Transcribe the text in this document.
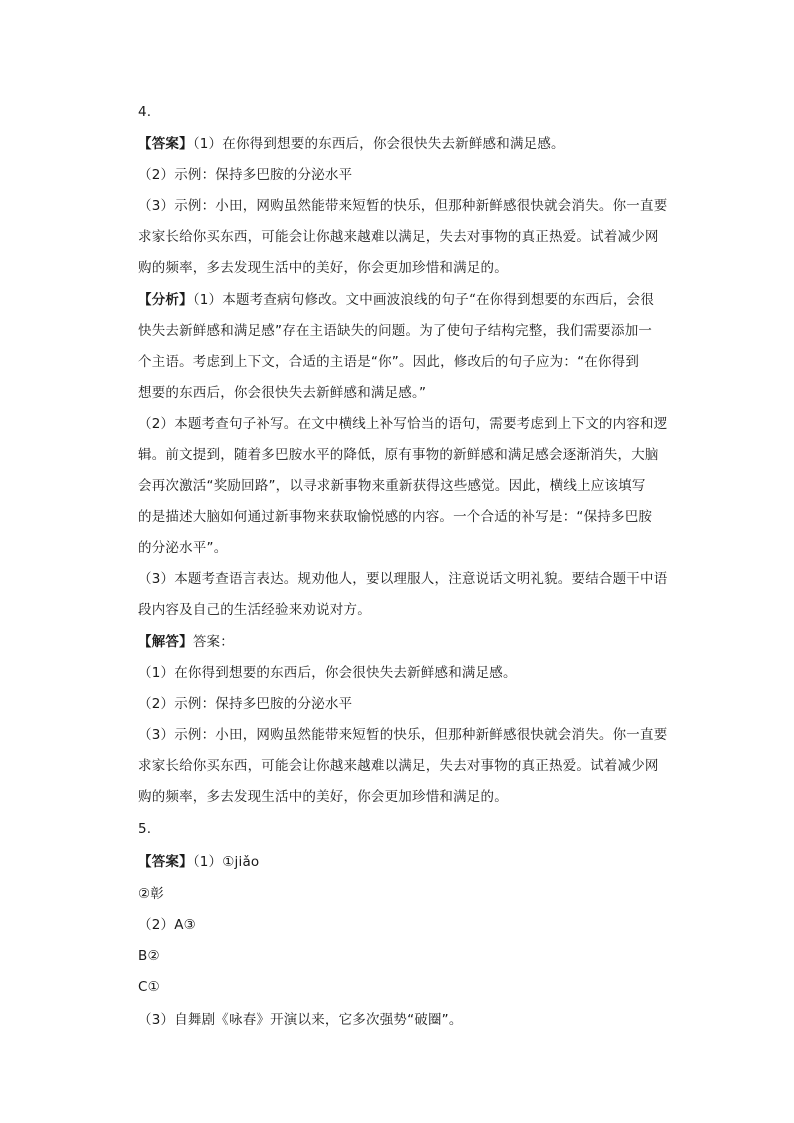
4.
【答案】（1）在你得到想要的东西后，你会很快失去新鲜感和满足感。
（2）示例：保持多巴胺的分泌水平
（3）示例：小田，网购虽然能带来短暂的快乐，但那种新鲜感很快就会消失。你一直要
求家长给你买东西，可能会让你越来越难以满足，失去对事物的真正热爱。试着减少网
购的频率，多去发现生活中的美好，你会更加珍惜和满足的。
【分析】（1）本题考查病句修改。文中画波浪线的句子“在你得到想要的东西后，会很
快失去新鲜感和满足感”存在主语缺失的问题。为了使句子结构完整，我们需要添加一
个主语。考虑到上下文，合适的主语是“你”。因此，修改后的句子应为：“在你得到
想要的东西后，你会很快失去新鲜感和满足感。”
（2）本题考查句子补写。在文中横线上补写恰当的语句，需要考虑到上下文的内容和逻
辑。前文提到，随着多巴胺水平的降低，原有事物的新鲜感和满足感会逐渐消失，大脑
会再次激活“奖励回路”，以寻求新事物来重新获得这些感觉。因此，横线上应该填写
的是描述大脑如何通过新事物来获取愉悦感的内容。一个合适的补写是：“保持多巴胺
的分泌水平”。
（3）本题考查语言表达。规劝他人，要以理服人，注意说话文明礼貌。要结合题干中语
段内容及自己的生活经验来劝说对方。
【解答】答案：
（1）在你得到想要的东西后，你会很快失去新鲜感和满足感。
（2）示例：保持多巴胺的分泌水平
（3）示例：小田，网购虽然能带来短暂的快乐，但那种新鲜感很快就会消失。你一直要
求家长给你买东西，可能会让你越来越难以满足，失去对事物的真正热爱。试着减少网
购的频率，多去发现生活中的美好，你会更加珍惜和满足的。
5.
【答案】（1）①jiǎo
②彰
（2）A③
B②
C①
（3）自舞剧《咏春》开演以来，它多次强势“破圈”。
